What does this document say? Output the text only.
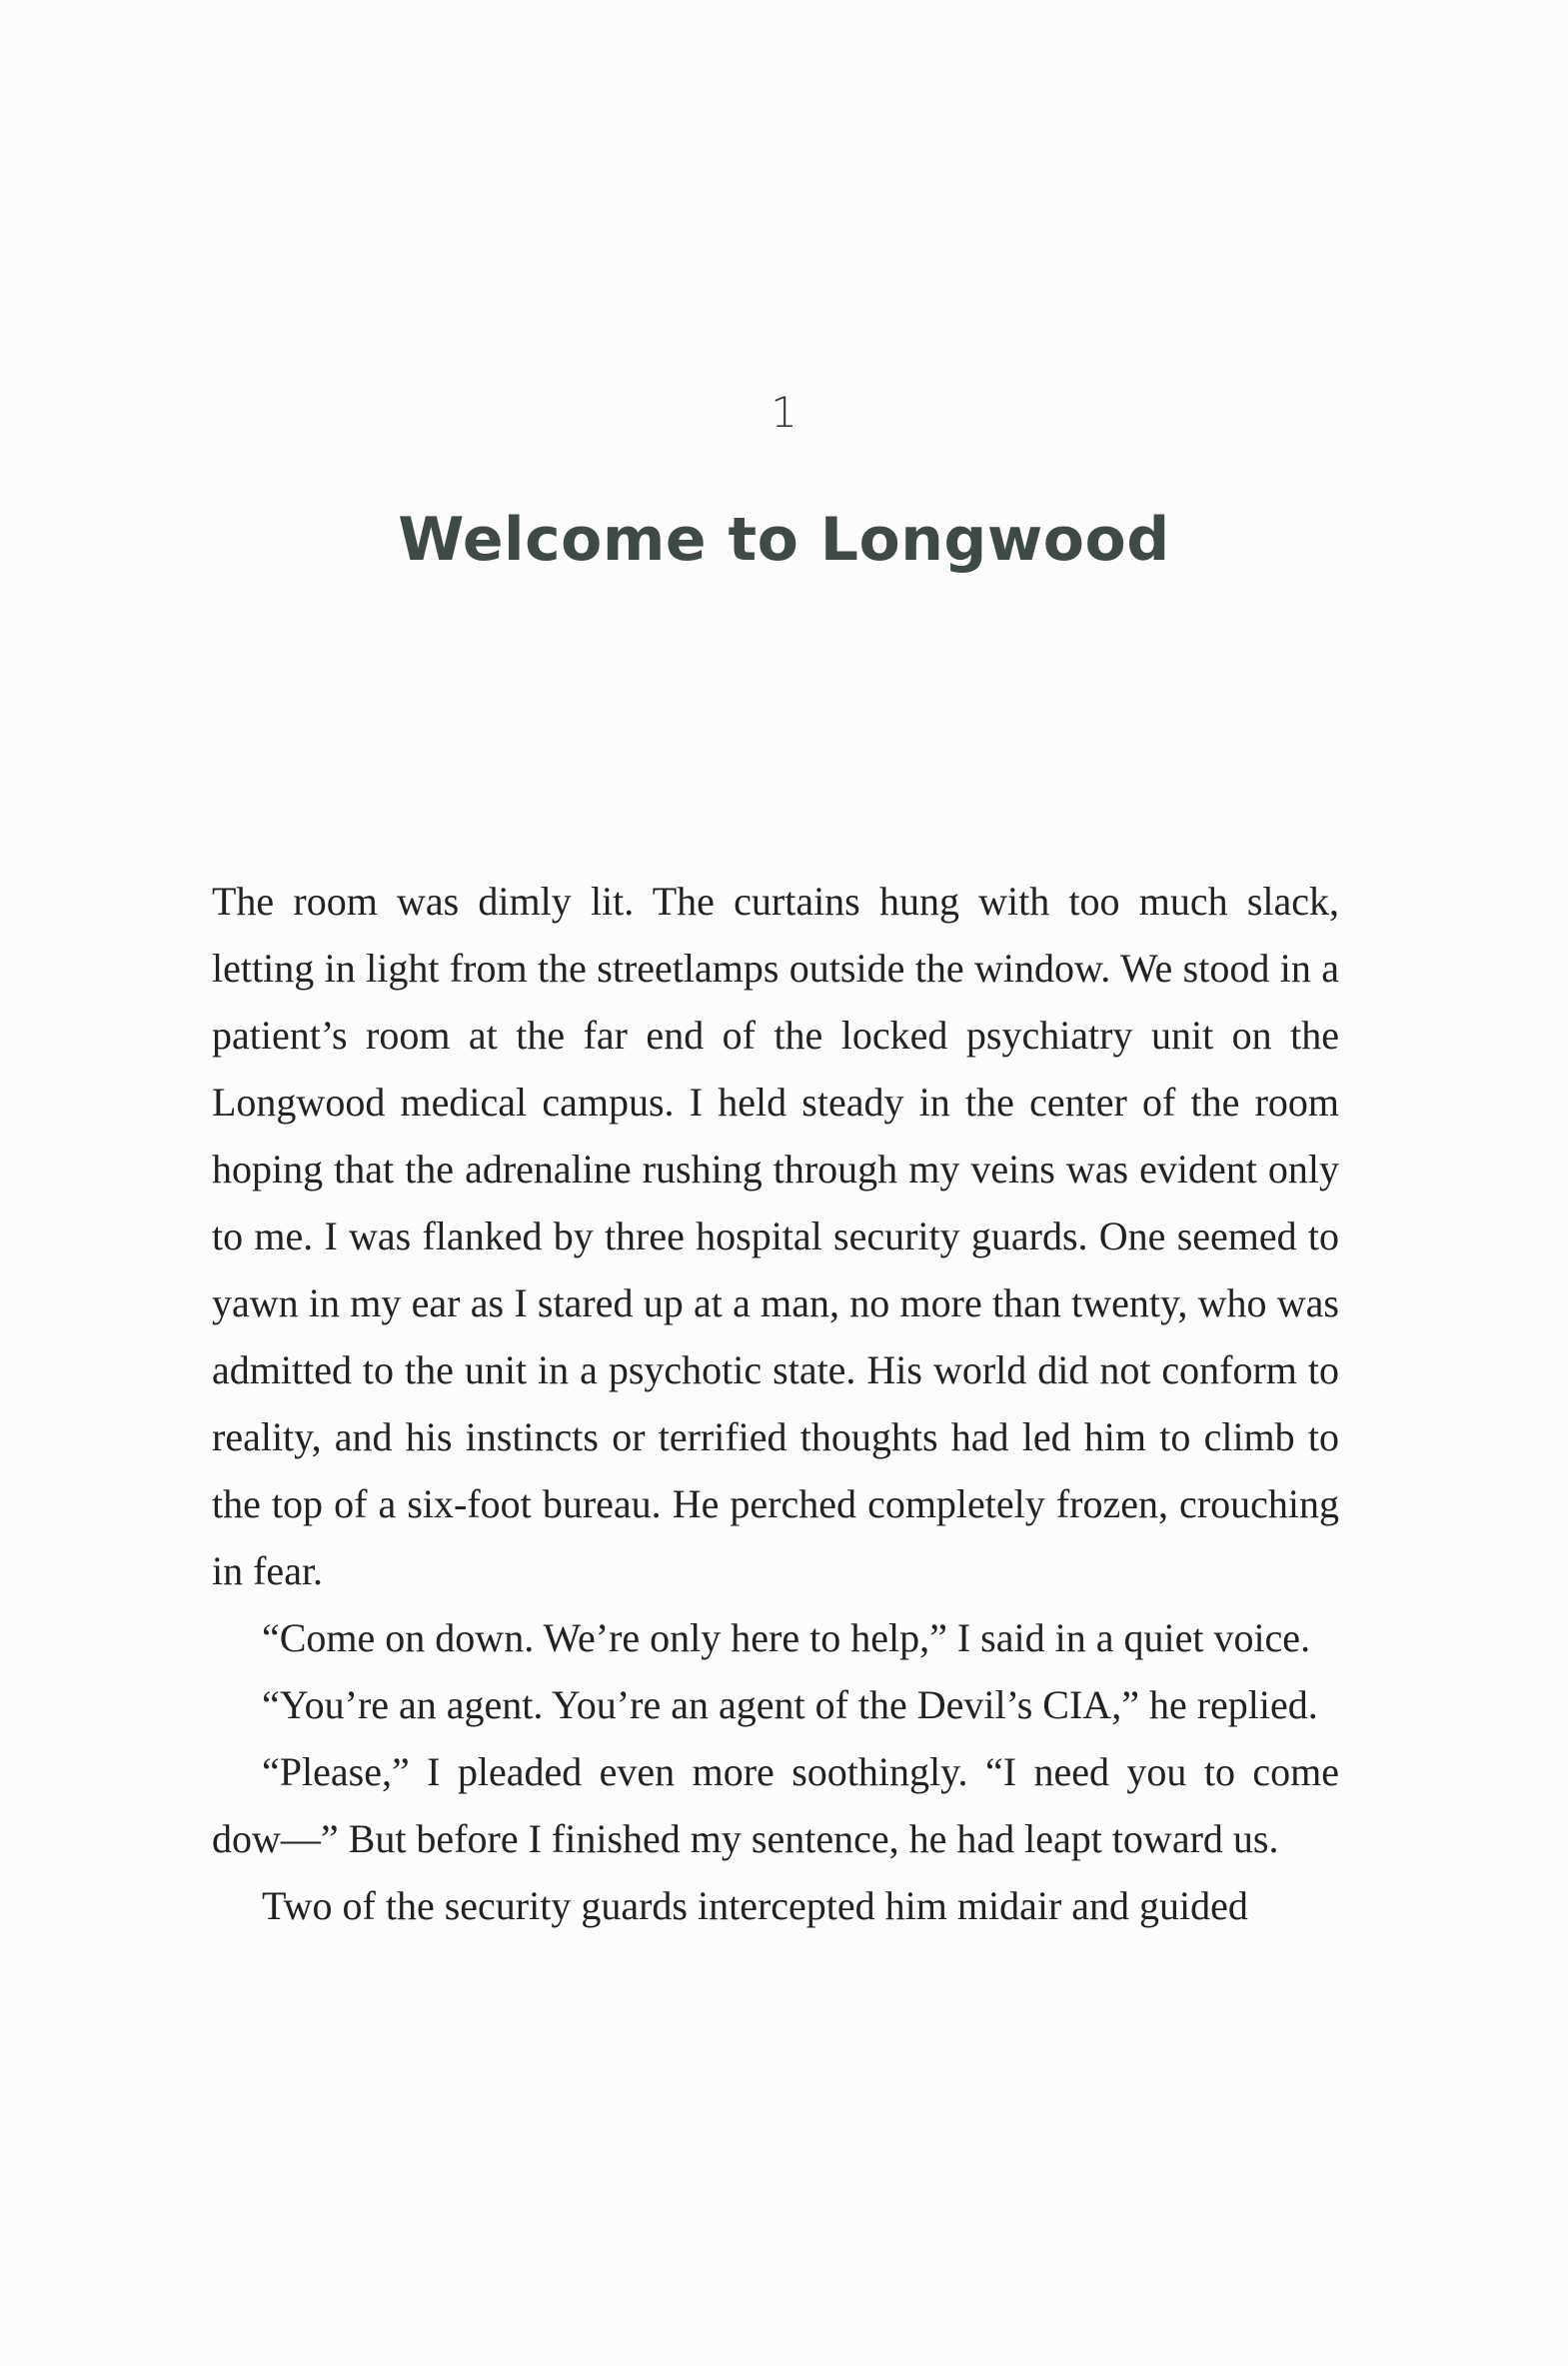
1
Welcome to Longwood

The room was dimly lit. The curtains hung with too much slack, letting in light from the streetlamps outside the window. We stood in a patient’s room at the far end of the locked psychiatry unit on the Longwood medical campus. I held steady in the center of the room hoping that the adrenaline rushing through my veins was evident only to me. I was flanked by three hospital security guards. One seemed to yawn in my ear as I stared up at a man, no more than twenty, who was admitted to the unit in a psychotic state. His world did not conform to reality, and his instincts or terrified thoughts had led him to climb to the top of a six-foot bureau. He perched completely frozen, crouching in fear.

“Come on down. We’re only here to help,” I said in a quiet voice.

“You’re an agent. You’re an agent of the Devil’s CIA,” he replied.

“Please,” I pleaded even more soothingly. “I need you to come dow—” But before I finished my sentence, he had leapt toward us.

Two of the security guards intercepted him midair and guided
